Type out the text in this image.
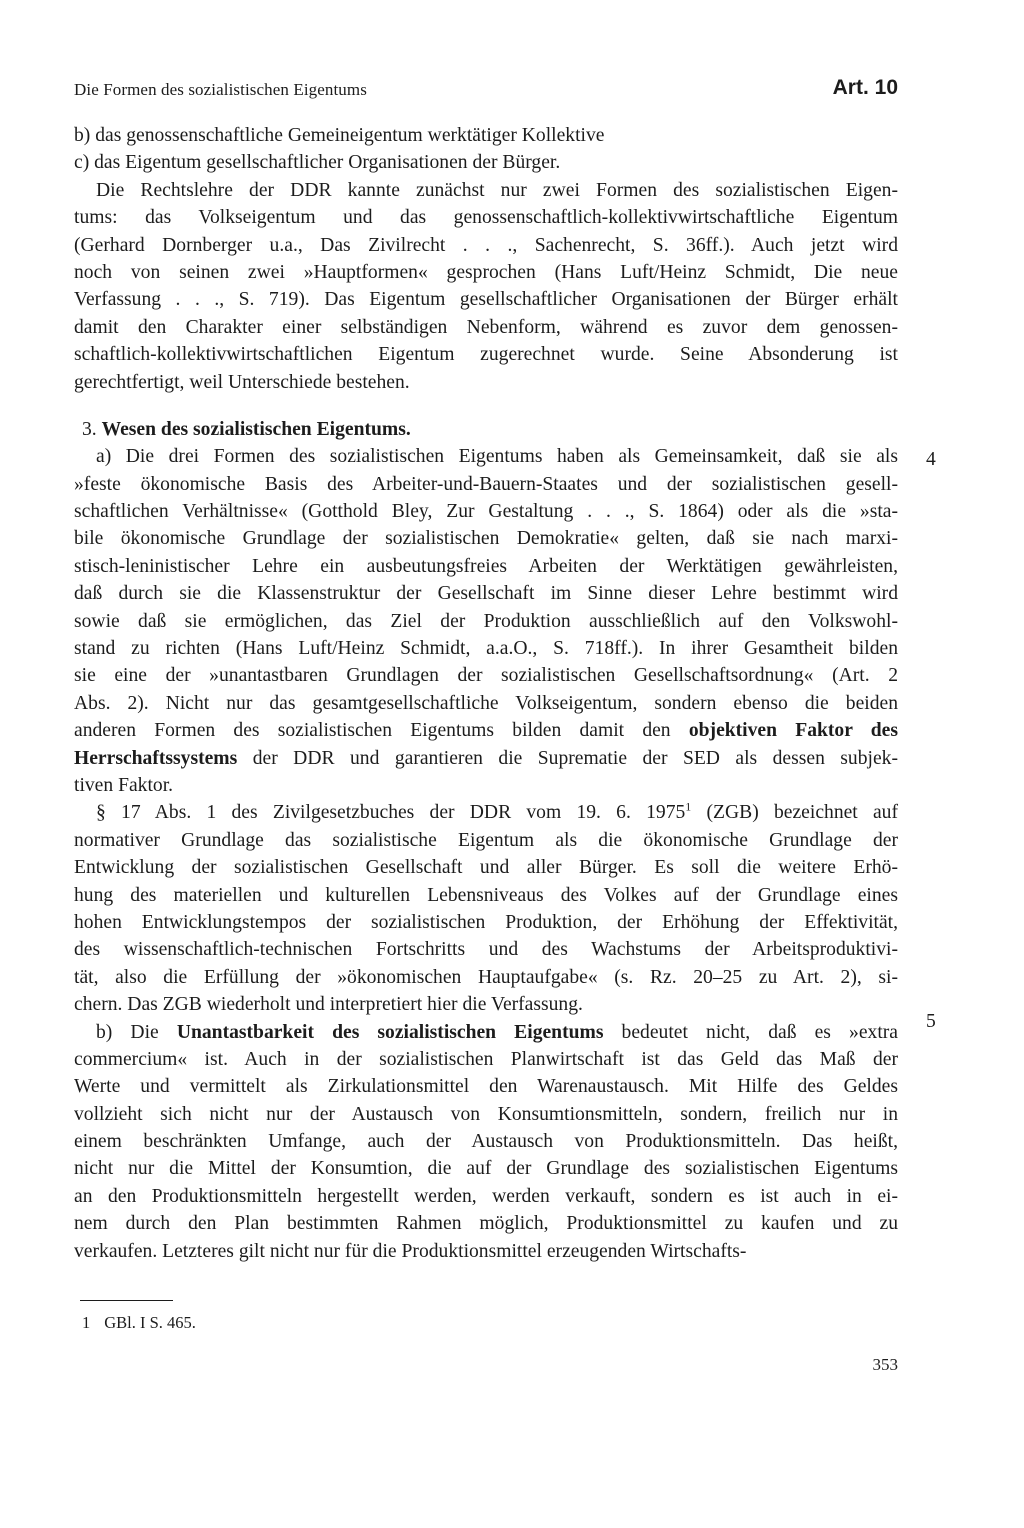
Die Formen des sozialistischen Eigentums	Art. 10
b) das genossenschaftliche Gemeineigentum werktätiger Kollektive
c) das Eigentum gesellschaftlicher Organisationen der Bürger.
Die Rechtslehre der DDR kannte zunächst nur zwei Formen des sozialistischen Eigen-
tums: das Volkseigentum und das genossenschaftlich-kollektivwirtschaftliche Eigentum
(Gerhard Dornberger u.a., Das Zivilrecht . . ., Sachenrecht, S. 36ff.). Auch jetzt wird
noch von seinen zwei »Hauptformen« gesprochen (Hans Luft/Heinz Schmidt, Die neue
Verfassung . . ., S. 719). Das Eigentum gesellschaftlicher Organisationen der Bürger erhält
damit den Charakter einer selbständigen Nebenform, während es zuvor dem genossen-
schaftlich-kollektivwirtschaftlichen Eigentum zugerechnet wurde. Seine Absonderung ist
gerechtfertigt, weil Unterschiede bestehen.
3. Wesen des sozialistischen Eigentums.
a) Die drei Formen des sozialistischen Eigentums haben als Gemeinsamkeit, daß sie als
»feste ökonomische Basis des Arbeiter-und-Bauern-Staates und der sozialistischen gesell-
schaftlichen Verhältnisse« (Gotthold Bley, Zur Gestaltung . . ., S. 1864) oder als die »sta-
bile ökonomische Grundlage der sozialistischen Demokratie« gelten, daß sie nach marxi-
stisch-leninistischer Lehre ein ausbeutungsfreies Arbeiten der Werktätigen gewährleisten,
daß durch sie die Klassenstruktur der Gesellschaft im Sinne dieser Lehre bestimmt wird
sowie daß sie ermöglichen, das Ziel der Produktion ausschließlich auf den Volkswohl-
stand zu richten (Hans Luft/Heinz Schmidt, a.a.O., S. 718ff.). In ihrer Gesamtheit bilden
sie eine der »unantastbaren Grundlagen der sozialistischen Gesellschaftsordnung« (Art. 2
Abs. 2). Nicht nur das gesamtgesellschaftliche Volkseigentum, sondern ebenso die beiden
anderen Formen des sozialistischen Eigentums bilden damit den objektiven Faktor des
Herrschaftssystems der DDR und garantieren die Suprematie der SED als dessen subjek-
tiven Faktor.
§ 17 Abs. 1 des Zivilgesetzbuches der DDR vom 19. 6. 1975$^1$ (ZGB) bezeichnet auf
normativer Grundlage das sozialistische Eigentum als die ökonomische Grundlage der
Entwicklung der sozialistischen Gesellschaft und aller Bürger. Es soll die weitere Erhö-
hung des materiellen und kulturellen Lebensniveaus des Volkes auf der Grundlage eines
hohen Entwicklungstempos der sozialistischen Produktion, der Erhöhung der Effektivität,
des wissenschaftlich-technischen Fortschritts und des Wachstums der Arbeitsproduktivi-
tät, also die Erfüllung der »ökonomischen Hauptaufgabe« (s. Rz. 20–25 zu Art. 2), si-
chern. Das ZGB wiederholt und interpretiert hier die Verfassung.
b) Die Unantastbarkeit des sozialistischen Eigentums bedeutet nicht, daß es »extra
commercium« ist. Auch in der sozialistischen Planwirtschaft ist das Geld das Maß der
Werte und vermittelt als Zirkulationsmittel den Warenaustausch. Mit Hilfe des Geldes
vollzieht sich nicht nur der Austausch von Konsumtionsmitteln, sondern, freilich nur in
einem beschränkten Umfange, auch der Austausch von Produktionsmitteln. Das heißt,
nicht nur die Mittel der Konsumtion, die auf der Grundlage des sozialistischen Eigentums
an den Produktionsmitteln hergestellt werden, werden verkauft, sondern es ist auch in ei-
nem durch den Plan bestimmten Rahmen möglich, Produktionsmittel zu kaufen und zu
verkaufen. Letzteres gilt nicht nur für die Produktionsmittel erzeugenden Wirtschafts-
4
5
1 GBl. I S. 465.
353
